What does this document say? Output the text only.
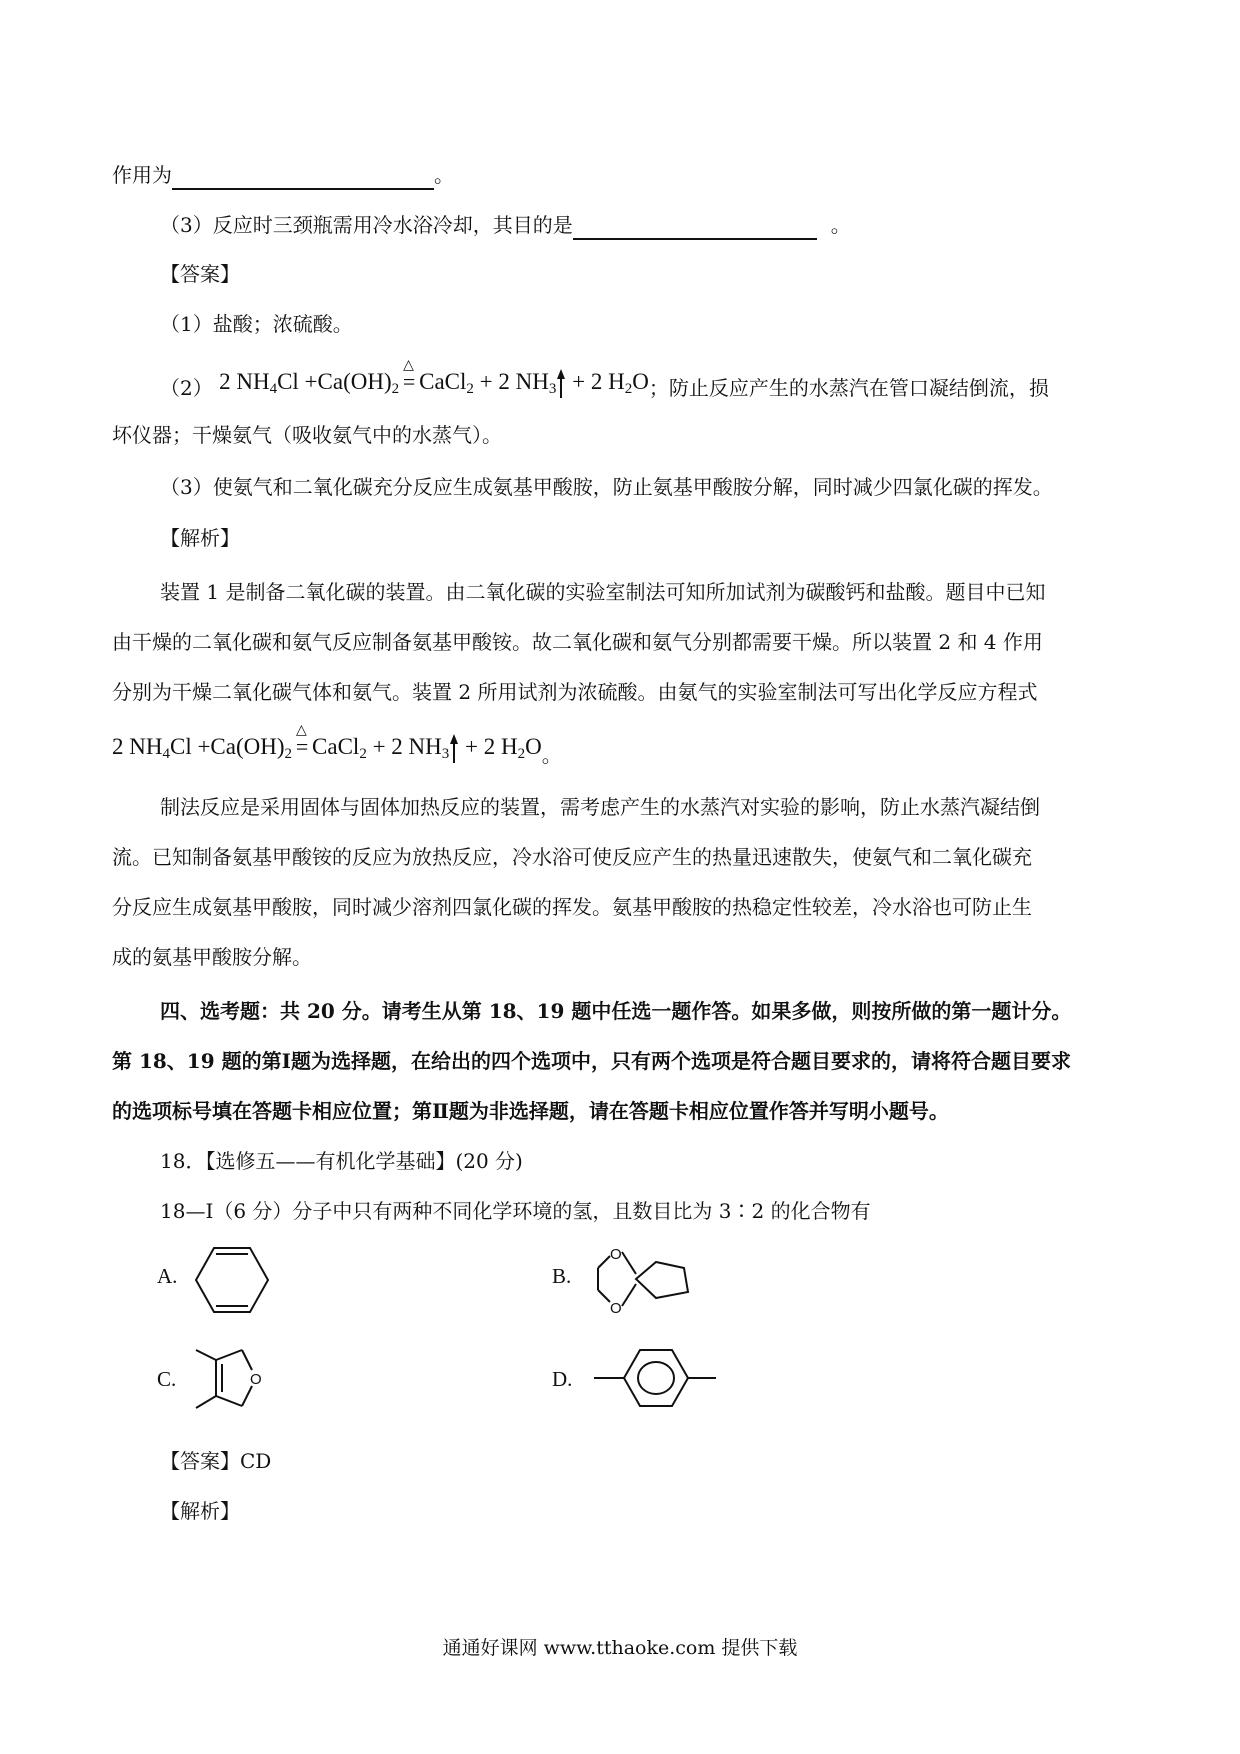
作用为	。
（3）反应时三颈瓶需用冷水浴冷却，其目的是	。
【答案】
（1）盐酸；浓硫酸。
（2） 2 $NH_4Cl +Ca(OH)_2$
△
= CaCl$_2$ + 2 $NH_3 + 2$ $H_2O$；防止反应产生的水蒸汽在管口凝结倒流，损
坏仪器；干燥氨气（吸收氨气中的水蒸气）。
（3）使氨气和二氧化碳充分反应生成氨基甲酸胺，防止氨基甲酸胺分解，同时减少四氯化碳的挥发。
【解析】
装置 1 是制备二氧化碳的装置。由二氧化碳的实验室制法可知所加试剂为碳酸钙和盐酸。题目中已知
由干燥的二氧化碳和氨气反应制备氨基甲酸铵。故二氧化碳和氨气分别都需要干燥。所以装置 2 和 4 作用
分别为干燥二氧化碳气体和氨气。装置 2 所用试剂为浓硫酸。由氨气的实验室制法可写出化学反应方程式
2 $NH_4Cl +Ca(OH)_2$
△
= CaCl$_2$ + 2 $NH_3 + 2$ $H_2O$。
制法反应是采用固体与固体加热反应的装置，需考虑产生的水蒸汽对实验的影响，防止水蒸汽凝结倒
流。已知制备氨基甲酸铵的反应为放热反应，冷水浴可使反应产生的热量迅速散失，使氨气和二氧化碳充
分反应生成氨基甲酸胺，同时减少溶剂四氯化碳的挥发。氨基甲酸胺的热稳定性较差，冷水浴也可防止生
成的氨基甲酸胺分解。
四、选考题：共 20 分。请考生从第 18、19 题中任选一题作答。如果多做，则按所做的第一题计分。
第 18、19 题的第Ⅰ题为选择题，在给出的四个选项中，只有两个选项是符合题目要求的，请将符合题目要求
的选项标号填在答题卡相应位置；第Ⅱ题为非选择题，请在答题卡相应位置作答并写明小题号。
18．【选修五——有机化学基础】(20 分)
18—I（6 分）分子中只有两种不同化学环境的氢，且数目比为 3∶2 的化合物有
A.	B.
O
O
C.	O	D.
【答案】CD
【解析】
通通好课网 www.tthaoke.com 提供下载
